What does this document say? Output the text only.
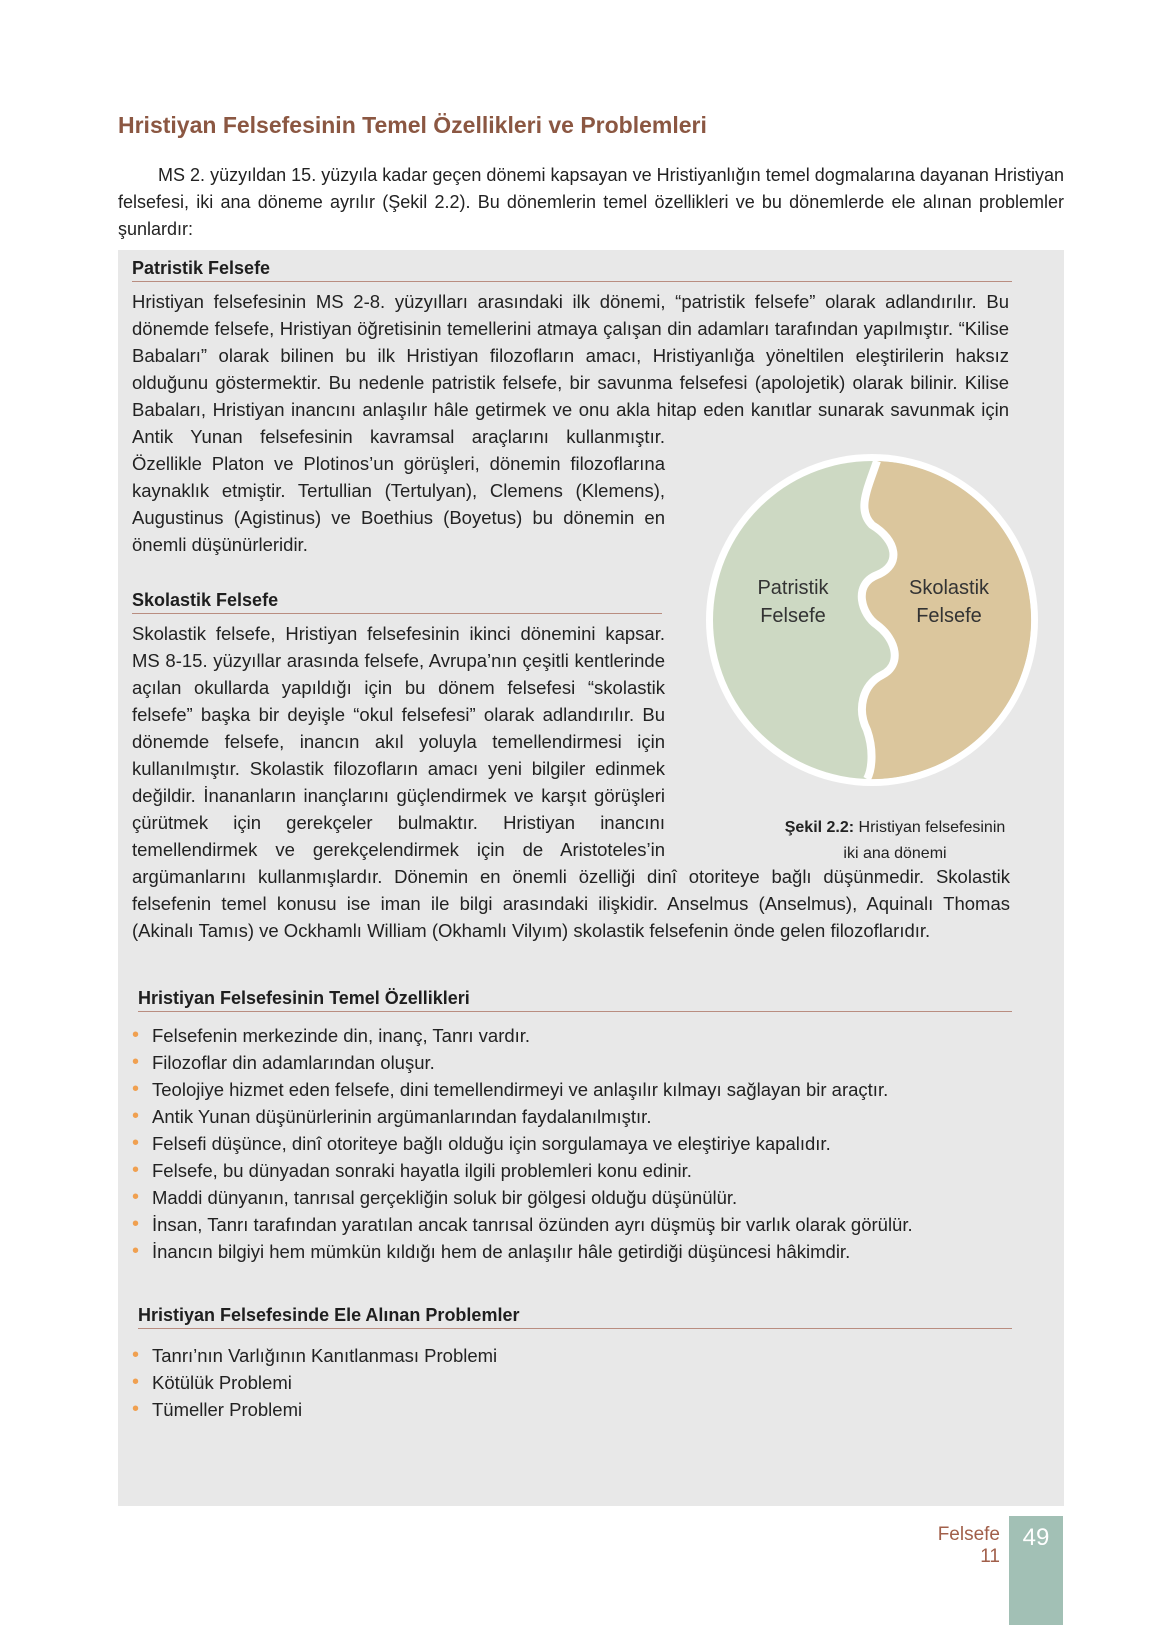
Hristiyan Felsefesinin Temel Özellikleri ve Problemleri

MS 2. yüzyıldan 15. yüzyıla kadar geçen dönemi kapsayan ve Hristiyanlığın temel dogmalarına dayanan Hristiyan felsefesi, iki ana döneme ayrılır (Şekil 2.2). Bu dönemlerin temel özellikleri ve bu dönemlerde ele alınan problemler şunlardır:

Patristik Felsefe

Hristiyan felsefesinin MS 2-8. yüzyılları arasındaki ilk dönemi, “patristik felsefe” olarak adlandırılır. Bu dönemde felsefe, Hristiyan öğretisinin temellerini atmaya çalışan din adamları tarafından yapılmıştır. “Kilise Babaları” olarak bilinen bu ilk Hristiyan filozofların amacı, Hristiyanlığa yöneltilen eleştirilerin haksız olduğunu göstermektir. Bu nedenle patristik felsefe, bir savunma felsefesi (apolojetik) olarak bilinir. Kilise Babaları, Hristiyan inancını anlaşılır hâle getirmek ve onu akla hitap eden kanıtlar sunarak savunmak için Antik Yunan felsefesinin kavramsal araçlarını kullanmıştır. Özellikle Platon ve Plotinos’un görüşleri, dönemin filozoflarına kaynaklık etmiştir. Tertullian (Tertulyan), Clemens (Klemens), Augustinus (Agistinus) ve Boethius (Boyetus) bu dönemin en önemli düşünürleridir.

Skolastik Felsefe

Skolastik felsefe, Hristiyan felsefesinin ikinci dönemini kapsar. MS 8-15. yüzyıllar arasında felsefe, Avrupa’nın çeşitli kentlerinde açılan okullarda yapıldığı için bu dönem felsefesi “skolastik felsefe” başka bir deyişle “okul felsefesi” olarak adlandırılır. Bu dönemde felsefe, inancın akıl yoluyla temellendirmesi için kullanılmıştır. Skolastik filozofların amacı yeni bilgiler edinmek değildir. İnananların inançlarını güçlendirmek ve karşıt görüşleri çürütmek için gerekçeler bulmaktır. Hristiyan inancını temellendirmek ve gerekçelendirmek için de Aristoteles’in argümanlarını kullanmışlardır. Dönemin en önemli özelliği dinî otoriteye bağlı düşünmedir. Skolastik felsefenin temel konusu ise iman ile bilgi arasındaki ilişkidir. Anselmus (Anselmus), Aquinalı Thomas (Akinalı Tamıs) ve Ockhamlı William (Okhamlı Vilyım) skolastik felsefenin önde gelen filozoflarıdır.

Hristiyan Felsefesinin Temel Özellikleri
• Felsefenin merkezinde din, inanç, Tanrı vardır.
• Filozoflar din adamlarından oluşur.
• Teolojiye hizmet eden felsefe, dini temellendirmeyi ve anlaşılır kılmayı sağlayan bir araçtır.
• Antik Yunan düşünürlerinin argümanlarından faydalanılmıştır.
• Felsefi düşünce, dinî otoriteye bağlı olduğu için sorgulamaya ve eleştiriye kapalıdır.
• Felsefe, bu dünyadan sonraki hayatla ilgili problemleri konu edinir.
• Maddi dünyanın, tanrısal gerçekliğin soluk bir gölgesi olduğu düşünülür.
• İnsan, Tanrı tarafından yaratılan ancak tanrısal özünden ayrı düşmüş bir varlık olarak görülür.
• İnancın bilgiyi hem mümkün kıldığı hem de anlaşılır hâle getirdiği düşüncesi hâkimdir.
Hristiyan Felsefesinde Ele Alınan Problemler
• Tanrı’nın Varlığının Kanıtlanması Problemi
• Kötülük Problemi
• Tümeller Problemi
Patristik
Felsefe
Skolastik
Felsefe
Şekil 2.2: Hristiyan felsefesinin
iki ana dönemi
Felsefe 11
49
